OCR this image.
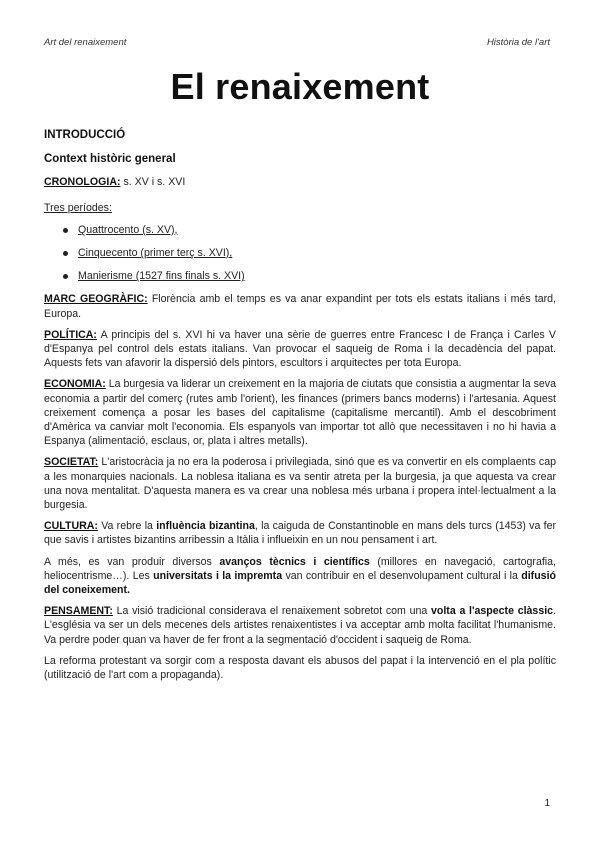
Art del renaixement	Història de l'art
El renaixement
INTRODUCCIÓ
Context històric general

CRONOLOGIA: s. XV i s. XVI

Tres períodes:

Quattrocento (s. XV),
Cinquecento (primer terç s. XVI),
Manierisme (1527 fins finals s. XVI)

MARC GEOGRÀFIC: Florència amb el temps es va anar expandint per tots els estats italians i més tard, Europa.

POLÍTICA: A principis del s. XVI hi va haver una sèrie de guerres entre Francesc I de França i Carles V d'Espanya pel control dels estats italians. Van provocar el saqueig de Roma i la decadència del papat. Aquests fets van afavorir la dispersió dels pintors, escultors i arquitectes per tota Europa.

ECONOMIA: La burgesia va liderar un creixement en la majoria de ciutats que consistia a augmentar la seva economia a partir del comerç (rutes amb l'orient), les finances (primers bancs moderns) i l'artesania. Aquest creixement comença a posar les bases del capitalisme (capitalisme mercantil). Amb el descobriment d'Amèrica va canviar molt l'economia. Els espanyols van importar tot allò que necessitaven i no hi havia a Espanya (alimentació, esclaus, or, plata i altres metalls).

SOCIETAT: L'aristocràcia ja no era la poderosa i privilegiada, sinó que es va convertir en els complaents cap a les monarquies nacionals. La noblesa italiana es va sentir atreta per la burgesia, ja que aquesta va crear una nova mentalitat. D'aquesta manera es va crear una noblesa més urbana i propera intel·lectualment a la burgesia.

CULTURA: Va rebre la influència bizantina, la caiguda de Constantinoble en mans dels turcs (1453) va fer que savis i artistes bizantins arribessin a Itàlia i influeixin en un nou pensament i art.

A més, es van produir diversos avanços tècnics i científics (millores en navegació, cartografia, heliocentrisme…). Les universitats i la impremta van contribuir en el desenvolupament cultural i la difusió del coneixement.

PENSAMENT: La visió tradicional considerava el renaixement sobretot com una volta a l'aspecte clàssic. L'església va ser un dels mecenes dels artistes renaixentistes i va acceptar amb molta facilitat l'humanisme. Va perdre poder quan va haver de fer front a la segmentació d'occident i saqueig de Roma.

La reforma protestant va sorgir com a resposta davant els abusos del papat i la intervenció en el pla polític (utilització de l'art com a propaganda).

1
